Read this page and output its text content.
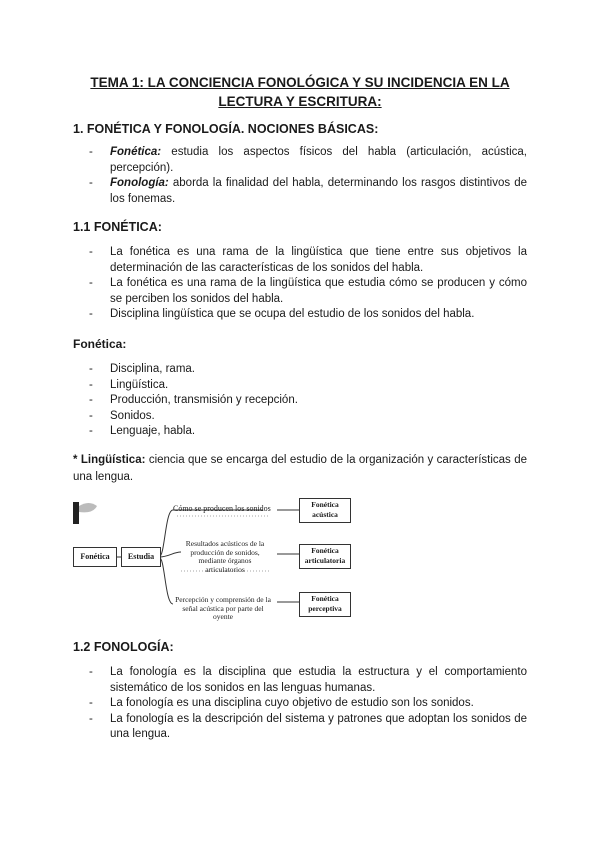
TEMA 1: LA CONCIENCIA FONOLÓGICA Y SU INCIDENCIA EN LA LECTURA Y ESCRITURA:
1. FONÉTICA Y FONOLOGÍA. NOCIONES BÁSICAS:
- Fonética: estudia los aspectos físicos del habla (articulación, acústica, percepción).
- Fonología: aborda la finalidad del habla, determinando los rasgos distintivos de los fonemas.
1.1 FONÉTICA:
- La fonética es una rama de la lingüística que tiene entre sus objetivos la determinación de las características de los sonidos del habla.
- La fonética es una rama de la lingüística que estudia cómo se producen y cómo se perciben los sonidos del habla.
- Disciplina lingüística que se ocupa del estudio de los sonidos del habla.
Fonética:
- Disciplina, rama.
- Lingüística.
- Producción, transmisión y recepción.
- Sonidos.
- Lenguaje, habla.
* Lingüística: ciencia que se encarga del estudio de la organización y características de una lengua.
Fonética	Estudia
Cómo se producen los sonidos
Resultados acústicos de la producción de sonidos, mediante órganos articulatorios
Percepción y comprensión de la señal acústica por parte del oyente
Fonética acústica
Fonética articulatoria
Fonética perceptiva
1.2 FONOLOGÍA:
- La fonología es la disciplina que estudia la estructura y el comportamiento sistemático de los sonidos en las lenguas humanas.
- La fonología es una disciplina cuyo objetivo de estudio son los sonidos.
- La fonología es la descripción del sistema y patrones que adoptan los sonidos de una lengua.
